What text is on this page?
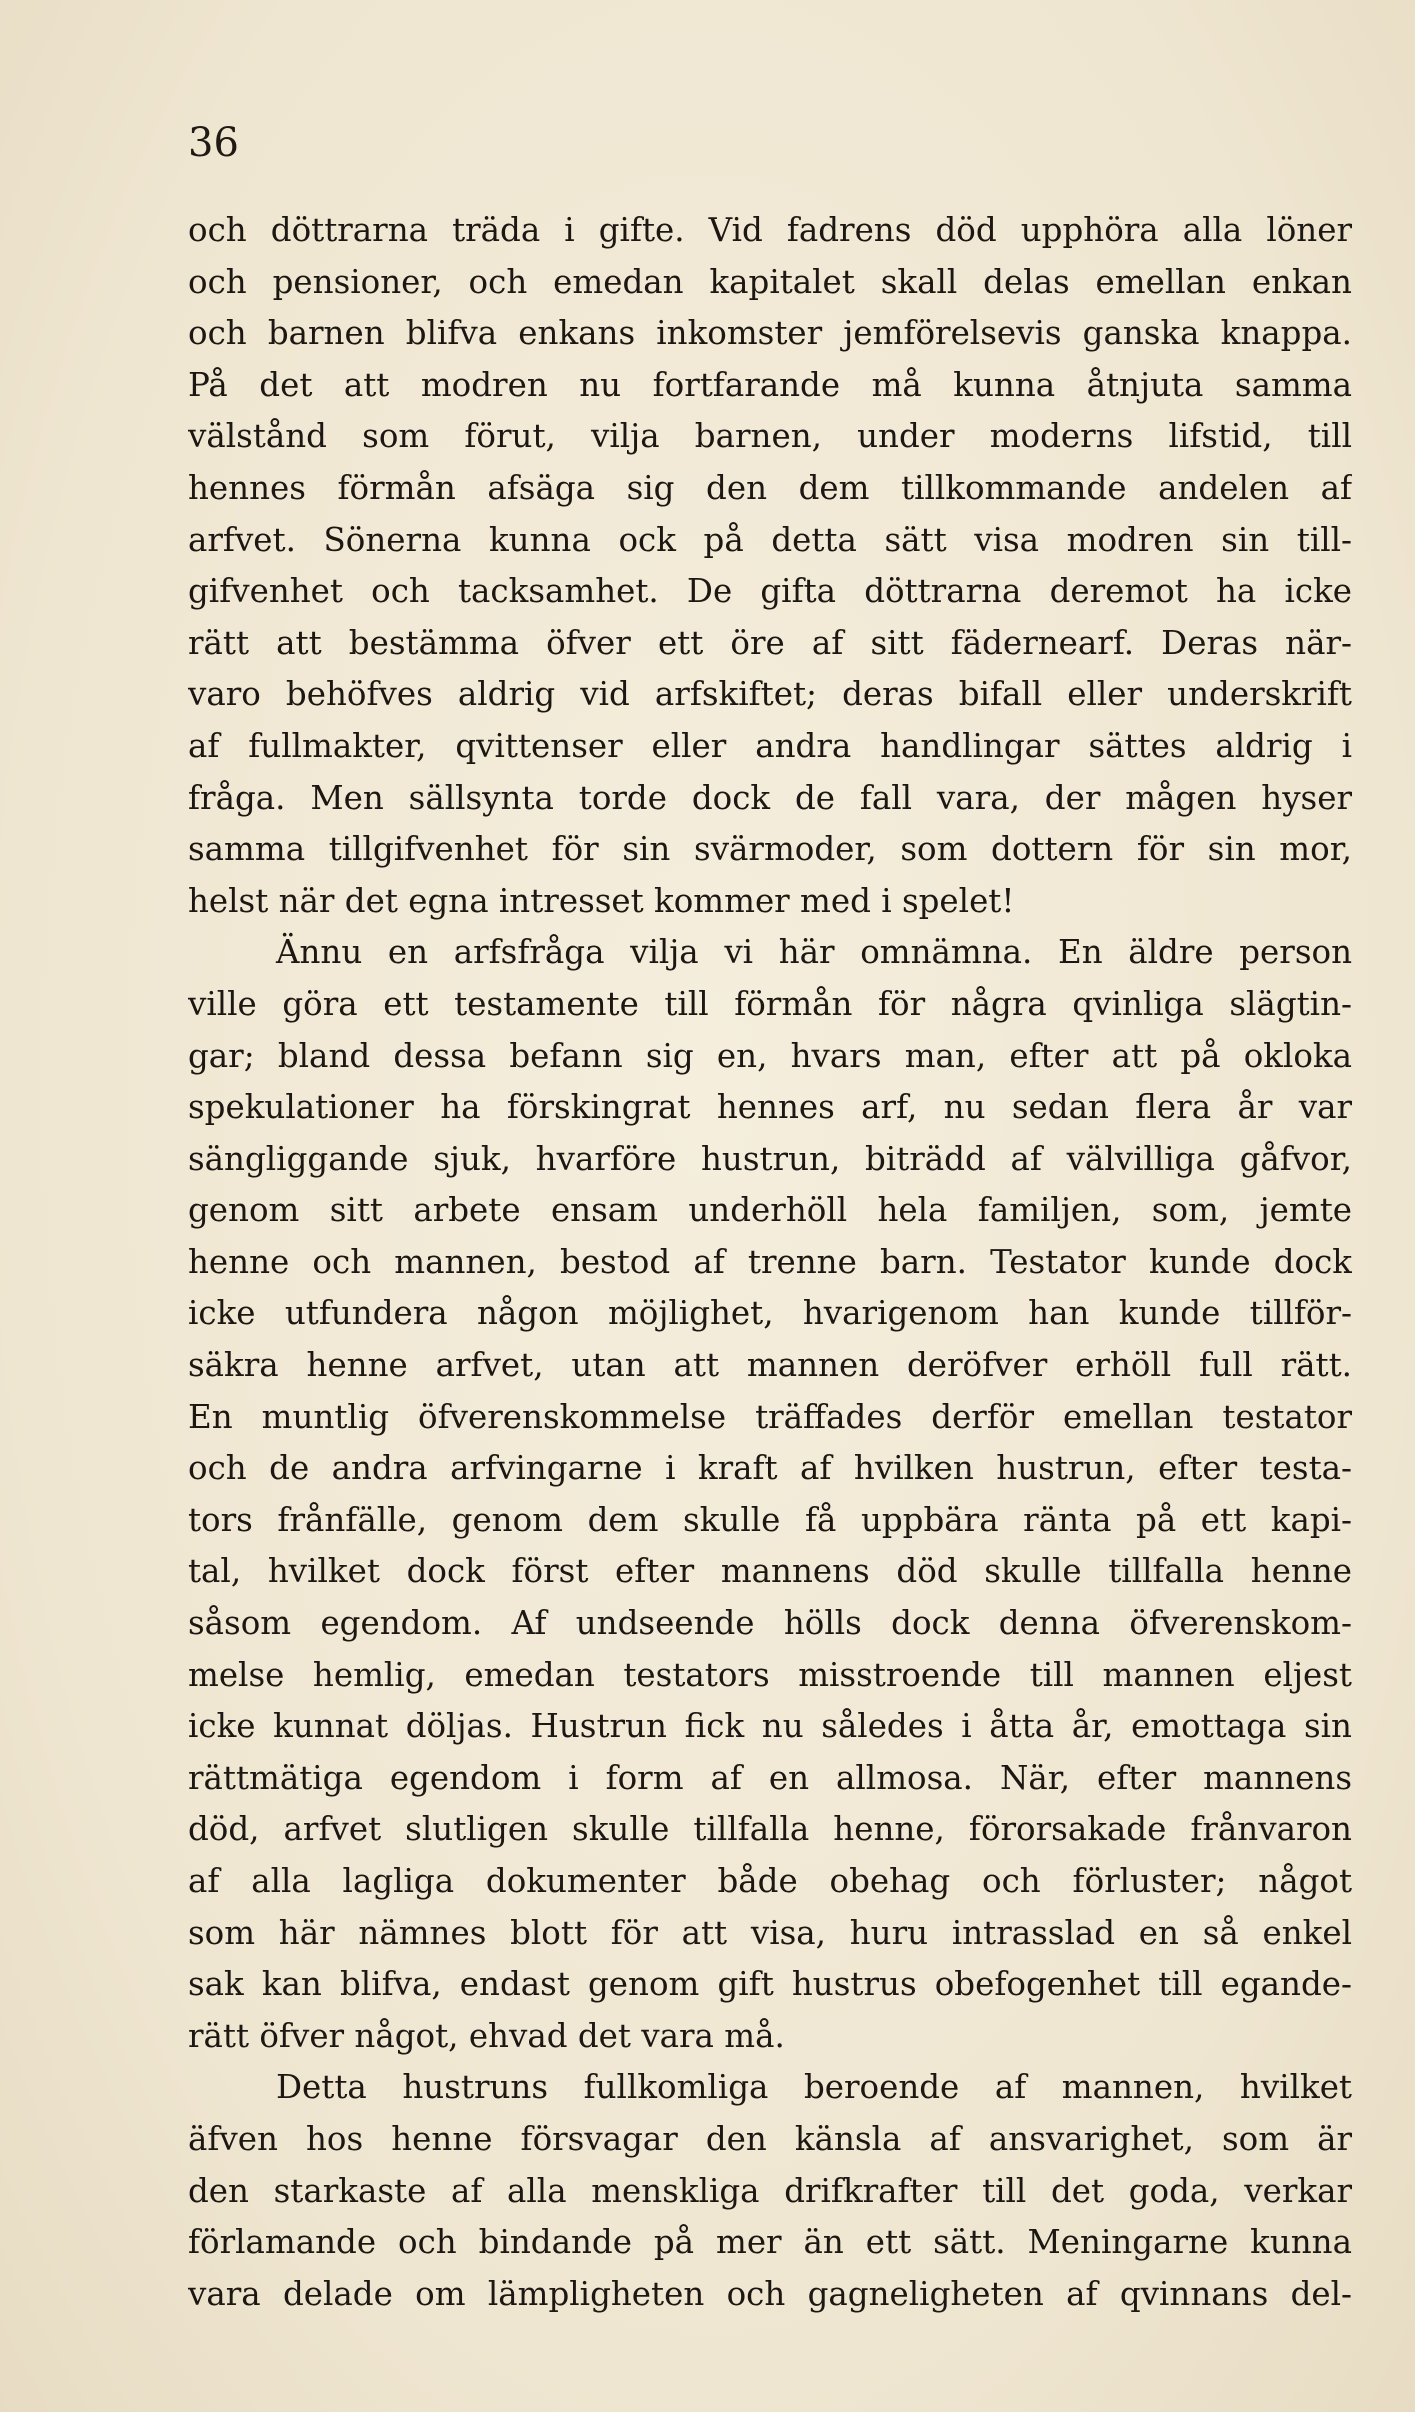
36
och döttrarna träda i gifte. Vid fadrens död upphöra alla löner
och pensioner, och emedan kapitalet skall delas emellan enkan
och barnen blifva enkans inkomster jemförelsevis ganska knappa.
På det att modren nu fortfarande må kunna åtnjuta samma
välstånd som förut, vilja barnen, under moderns lifstid, till
hennes förmån afsäga sig den dem tillkommande andelen af
arfvet. Sönerna kunna ock på detta sätt visa modren sin till-
gifvenhet och tacksamhet. De gifta döttrarna deremot ha icke
rätt att bestämma öfver ett öre af sitt fädernearf. Deras när-
varo behöfves aldrig vid arfskiftet; deras bifall eller underskrift
af fullmakter, qvittenser eller andra handlingar sättes aldrig i
fråga. Men sällsynta torde dock de fall vara, der mågen hyser
samma tillgifvenhet för sin svärmoder, som dottern för sin mor,
helst när det egna intresset kommer med i spelet!
Ännu en arfsfråga vilja vi här omnämna. En äldre person
ville göra ett testamente till förmån för några qvinliga slägtin-
gar; bland dessa befann sig en, hvars man, efter att på okloka
spekulationer ha förskingrat hennes arf, nu sedan flera år var
sängliggande sjuk, hvarföre hustrun, biträdd af välvilliga gåfvor,
genom sitt arbete ensam underhöll hela familjen, som, jemte
henne och mannen, bestod af trenne barn. Testator kunde dock
icke utfundera någon möjlighet, hvarigenom han kunde tillför-
säkra henne arfvet, utan att mannen deröfver erhöll full rätt.
En muntlig öfverenskommelse träffades derför emellan testator
och de andra arfvingarne i kraft af hvilken hustrun, efter testa-
tors frånfälle, genom dem skulle få uppbära ränta på ett kapi-
tal, hvilket dock först efter mannens död skulle tillfalla henne
såsom egendom. Af undseende hölls dock denna öfverenskom-
melse hemlig, emedan testators misstroende till mannen eljest
icke kunnat döljas. Hustrun fick nu således i åtta år, emottaga sin
rättmätiga egendom i form af en allmosa. När, efter mannens
död, arfvet slutligen skulle tillfalla henne, förorsakade frånvaron
af alla lagliga dokumenter både obehag och förluster; något
som här nämnes blott för att visa, huru intrasslad en så enkel
sak kan blifva, endast genom gift hustrus obefogenhet till egande-
rätt öfver något, ehvad det vara må.
Detta hustruns fullkomliga beroende af mannen, hvilket
äfven hos henne försvagar den känsla af ansvarighet, som är
den starkaste af alla menskliga drifkrafter till det goda, verkar
förlamande och bindande på mer än ett sätt. Meningarne kunna
vara delade om lämpligheten och gagneligheten af qvinnans del-
